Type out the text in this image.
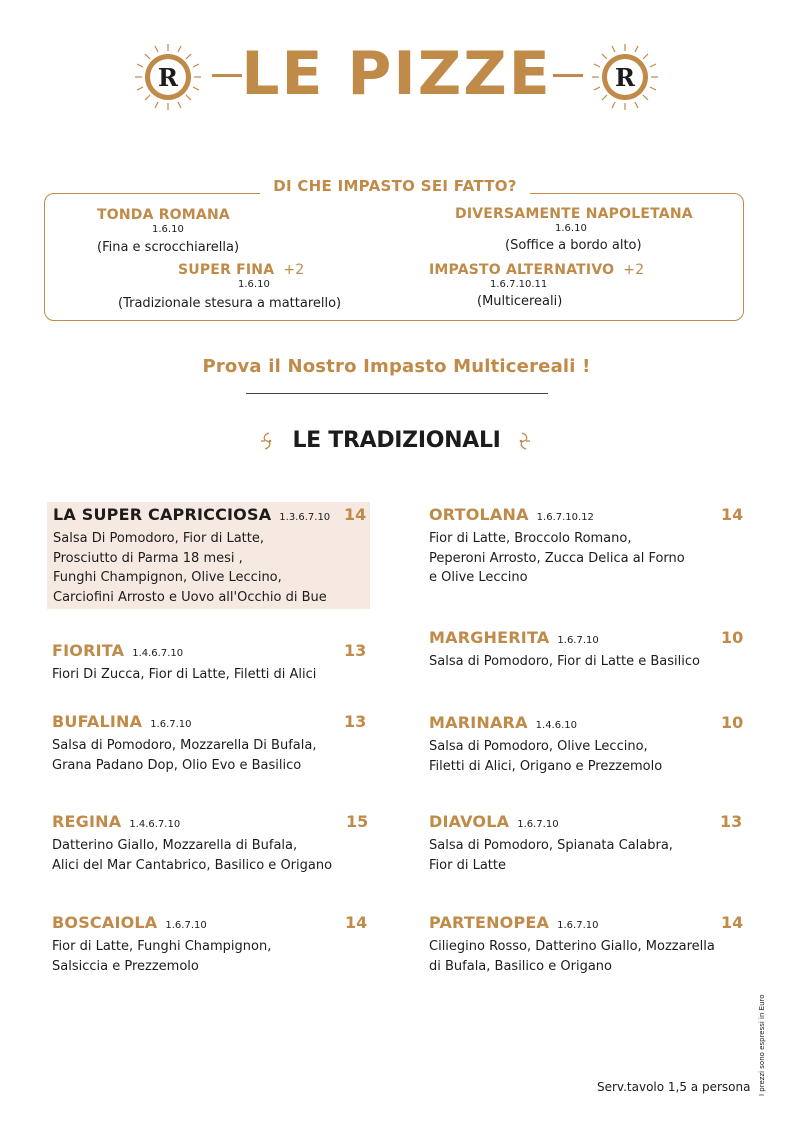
R	LE PIZZE	R
DI CHE IMPASTO SEI FATTO?
TONDA ROMANA
1.6.10
(Fina e scrocchiarella)
DIVERSAMENTE NAPOLETANA
1.6.10
(Soffice a bordo alto)
SUPER FINA +2
1.6.10
(Tradizionale stesura a mattarello)
IMPASTO ALTERNATIVO +2
1.6.7.10.11
(Multicereali)
Prova il Nostro Impasto Multicereali !
LE TRADIZIONALI
LA SUPER CAPRICCIOSA 1.3.6.7.10 14
Salsa Di Pomodoro, Fior di Latte,
Prosciutto di Parma 18 mesi ,
Funghi Champignon, Olive Leccino,
Carciofini Arrosto e Uovo all'Occhio di Bue
ORTOLANA 1.6.7.10.12	14
Fior di Latte, Broccolo Romano,
Peperoni Arrosto, Zucca Delica al Forno
e Olive Leccino
FIORITA 1.4.6.7.10	13
Fiori Di Zucca, Fior di Latte, Filetti di Alici
MARGHERITA 1.6.7.10	10
Salsa di Pomodoro, Fior di Latte e Basilico
BUFALINA 1.6.7.10	13
Salsa di Pomodoro, Mozzarella Di Bufala,
Grana Padano Dop, Olio Evo e Basilico
MARINARA 1.4.6.10	10
Salsa di Pomodoro, Olive Leccino,
Filetti di Alici, Origano e Prezzemolo
REGINA 1.4.6.7.10	15
Datterino Giallo, Mozzarella di Bufala,
Alici del Mar Cantabrico, Basilico e Origano
DIAVOLA 1.6.7.10	13
Salsa di Pomodoro, Spianata Calabra,
Fior di Latte
BOSCAIOLA 1.6.7.10	14
Fior di Latte, Funghi Champignon,
Salsiccia e Prezzemolo
PARTENOPEA 1.6.7.10	14
Ciliegino Rosso, Datterino Giallo, Mozzarella
di Bufala, Basilico e Origano
Serv.tavolo 1,5 a persona I prezzi sono espressi in Euro
